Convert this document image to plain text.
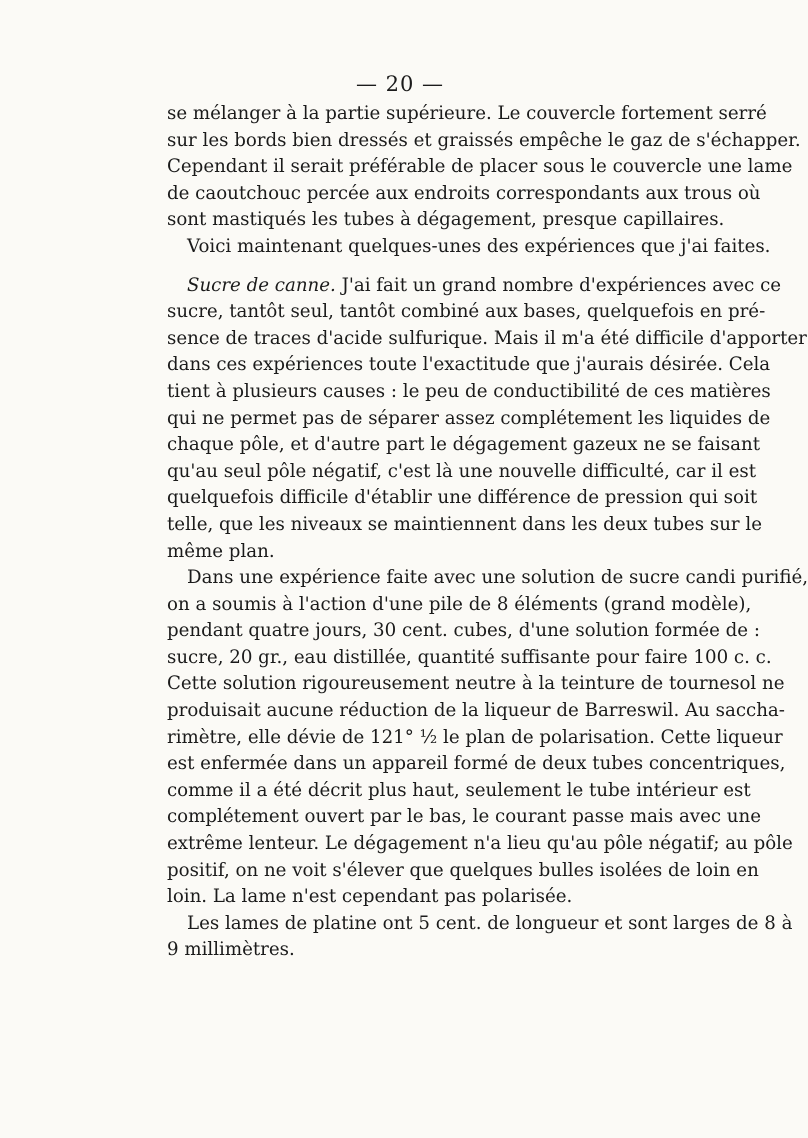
— 20 —
se mélanger à la partie supérieure. Le couvercle fortement serré
sur les bords bien dressés et graissés empêche le gaz de s'échapper.
Cependant il serait préférable de placer sous le couvercle une lame
de caoutchouc percée aux endroits correspondants aux trous où
sont mastiqués les tubes à dégagement, presque capillaires.
Voici maintenant quelques-unes des expériences que j'ai faites.
Sucre de canne. J'ai fait un grand nombre d'expériences avec ce
sucre, tantôt seul, tantôt combiné aux bases, quelquefois en pré-
sence de traces d'acide sulfurique. Mais il m'a été difficile d'apporter
dans ces expériences toute l'exactitude que j'aurais désirée. Cela
tient à plusieurs causes : le peu de conductibilité de ces matières
qui ne permet pas de séparer assez complétement les liquides de
chaque pôle, et d'autre part le dégagement gazeux ne se faisant
qu'au seul pôle négatif, c'est là une nouvelle difficulté, car il est
quelquefois difficile d'établir une différence de pression qui soit
telle, que les niveaux se maintiennent dans les deux tubes sur le
même plan.
Dans une expérience faite avec une solution de sucre candi purifié,
on a soumis à l'action d'une pile de 8 éléments (grand modèle),
pendant quatre jours, 30 cent. cubes, d'une solution formée de :
sucre, 20 gr., eau distillée, quantité suffisante pour faire 100 c. c.
Cette solution rigoureusement neutre à la teinture de tournesol ne
produisait aucune réduction de la liqueur de Barreswil. Au saccha-
rimètre, elle dévie de 121° ½ le plan de polarisation. Cette liqueur
est enfermée dans un appareil formé de deux tubes concentriques,
comme il a été décrit plus haut, seulement le tube intérieur est
complétement ouvert par le bas, le courant passe mais avec une
extrême lenteur. Le dégagement n'a lieu qu'au pôle négatif; au pôle
positif, on ne voit s'élever que quelques bulles isolées de loin en
loin. La lame n'est cependant pas polarisée.
Les lames de platine ont 5 cent. de longueur et sont larges de 8 à
9 millimètres.
